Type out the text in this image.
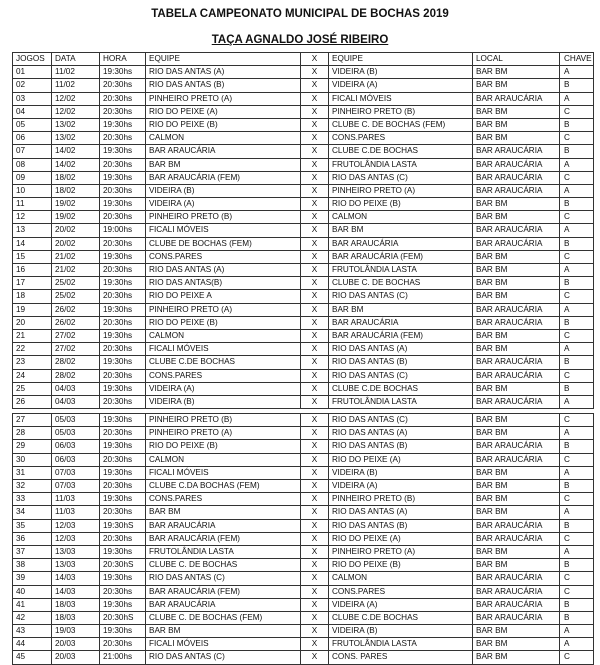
TABELA CAMPEONATO MUNICIPAL DE BOCHAS 2019
TAÇA AGNALDO JOSÉ RIBEIRO
JOGOS	DATA	HORA	EQUIPE	X	EQUIPE	LOCAL	CHAVE
01	11/02	19:30hs	RIO DAS ANTAS (A)	X	VIDEIRA (B)	BAR BM	A
02	11/02	20:30hs	RIO DAS ANTAS (B)	X	VIDEIRA (A)	BAR BM	B
03	12/02	20:30hs	PINHEIRO PRETO (A)	X	FICALI MÓVEIS	BAR ARAUCÁRIA	A
04	12/02	20:30hs	RIO DO PEIXE (A)	X	PINHEIRO PRETO (B)	BAR BM	C
05	13/02	19:30hs	RIO DO PEIXE (B)	X	CLUBE C. DE BOCHAS (FEM)	BAR BM	B
06	13/02	20:30hs	CALMON	X	CONS.PARES	BAR BM	C
07	14/02	19:30hs	BAR ARAUCÁRIA	X	CLUBE C.DE BOCHAS	BAR ARAUCÁRIA	B
08	14/02	20:30hs	BAR BM	X	FRUTOLÂNDIA LASTA	BAR ARAUCÁRIA	A
09	18/02	19:30hs	BAR ARAUCÁRIA (FEM)	X	RIO DAS ANTAS (C)	BAR ARAUCÁRIA	C
10	18/02	20:30hs	VIDEIRA (B)	X	PINHEIRO PRETO (A)	BAR ARAUCÁRIA	A
11	19/02	19:30hs	VIDEIRA (A)	X	RIO DO PEIXE (B)	BAR BM	B
12	19/02	20:30hs	PINHEIRO PRETO (B)	X	CALMON	BAR BM	C
13	20/02	19:00hs	FICALI MÓVEIS	X	BAR BM	BAR ARAUCÁRIA	A
14	20/02	20:30hs	CLUBE DE BOCHAS (FEM)	X	BAR ARAUCÁRIA	BAR ARAUCÁRIA	B
15	21/02	19:30hs	CONS.PARES	X	BAR ARAUCÁRIA (FEM)	BAR BM	C
16	21/02	20:30hs	RIO DAS ANTAS (A)	X	FRUTOLÂNDIA LASTA	BAR BM	A
17	25/02	19:30hs	RIO DAS ANTAS(B)	X	CLUBE C. DE BOCHAS	BAR BM	B
18	25/02	20:30hs	RIO DO PEIXE A	X	RIO DAS ANTAS (C)	BAR BM	C
19	26/02	19:30hs	PINHEIRO PRETO (A)	X	BAR BM	BAR ARAUCÁRIA	A
20	26/02	20:30hs	RIO DO PEIXE (B)	X	BAR ARAUCÁRIA	BAR ARAUCÁRIA	B
21	27/02	19:30hs	CALMON	X	BAR ARAUCÁRIA (FEM)	BAR BM	C
22	27/02	20:30hs	FICALI MÓVEIS	X	RIO DAS ANTAS (A)	BAR BM	A
23	28/02	19:30hs	CLUBE C.DE BOCHAS	X	RIO DAS ANTAS (B)	BAR ARAUCÁRIA	B
24	28/02	20:30hs	CONS.PARES	X	RIO DAS ANTAS (C)	BAR ARAUCÁRIA	C
25	04/03	19:30hs	VIDEIRA (A)	X	CLUBE C.DE BOCHAS	BAR BM	B
26	04/03	20:30hs	VIDEIRA (B)	X	FRUTOLÂNDIA LASTA	BAR ARAUCÁRIA	A
27	05/03	19:30hs	PINHEIRO PRETO (B)	X	RIO DAS ANTAS (C)	BAR BM	C
28	05/03	20:30hs	PINHEIRO PRETO (A)	X	RIO DAS ANTAS (A)	BAR BM	A
29	06/03	19:30hs	RIO DO PEIXE (B)	X	RIO DAS ANTAS (B)	BAR ARAUCÁRIA	B
30	06/03	20:30hs	CALMON	X	RIO DO PEIXE (A)	BAR ARAUCÁRIA	C
31	07/03	19:30hs	FICALI MÓVEIS	X	VIDEIRA (B)	BAR BM	A
32	07/03	20:30hs	CLUBE C.DA BOCHAS (FEM)	X	VIDEIRA (A)	BAR BM	B
33	11/03	19:30hs	CONS.PARES	X	PINHEIRO PRETO (B)	BAR BM	C
34	11/03	20:30hs	BAR BM	X	RIO DAS ANTAS (A)	BAR BM	A
35	12/03	19:30hS	BAR ARAUCÁRIA	X	RIO DAS ANTAS (B)	BAR ARAUCÁRIA	B
36	12/03	20:30hs	BAR ARAUCÁRIA (FEM)	X	RIO DO PEIXE (A)	BAR ARAUCÁRIA	C
37	13/03	19:30hs	FRUTOLÂNDIA LASTA	X	PINHEIRO PRETO (A)	BAR BM	A
38	13/03	20:30hS	CLUBE C. DE BOCHAS	X	RIO DO PEIXE (B)	BAR BM	B
39	14/03	19:30hs	RIO DAS ANTAS (C)	X	CALMON	BAR ARAUCÁRIA	C
40	14/03	20:30hs	BAR ARAUCÁRIA (FEM)	X	CONS.PARES	BAR ARAUCÁRIA	C
41	18/03	19:30hs	BAR ARAUCÁRIA	X	VIDEIRA (A)	BAR ARAUCÁRIA	B
42	18/03	20:30hS	CLUBE C. DE BOCHAS (FEM)	X	CLUBE C.DE BOCHAS	BAR ARAUCÁRIA	B
43	19/03	19:30hs	BAR BM	X	VIDEIRA (B)	BAR BM	A
44	20/03	20:30hs	FICALI MÓVEIS	X	FRUTOLÂNDIA LASTA	BAR BM	A
45	20/03	21:00hs	RIO DAS ANTAS (C)	X	CONS. PARES	BAR BM	C
